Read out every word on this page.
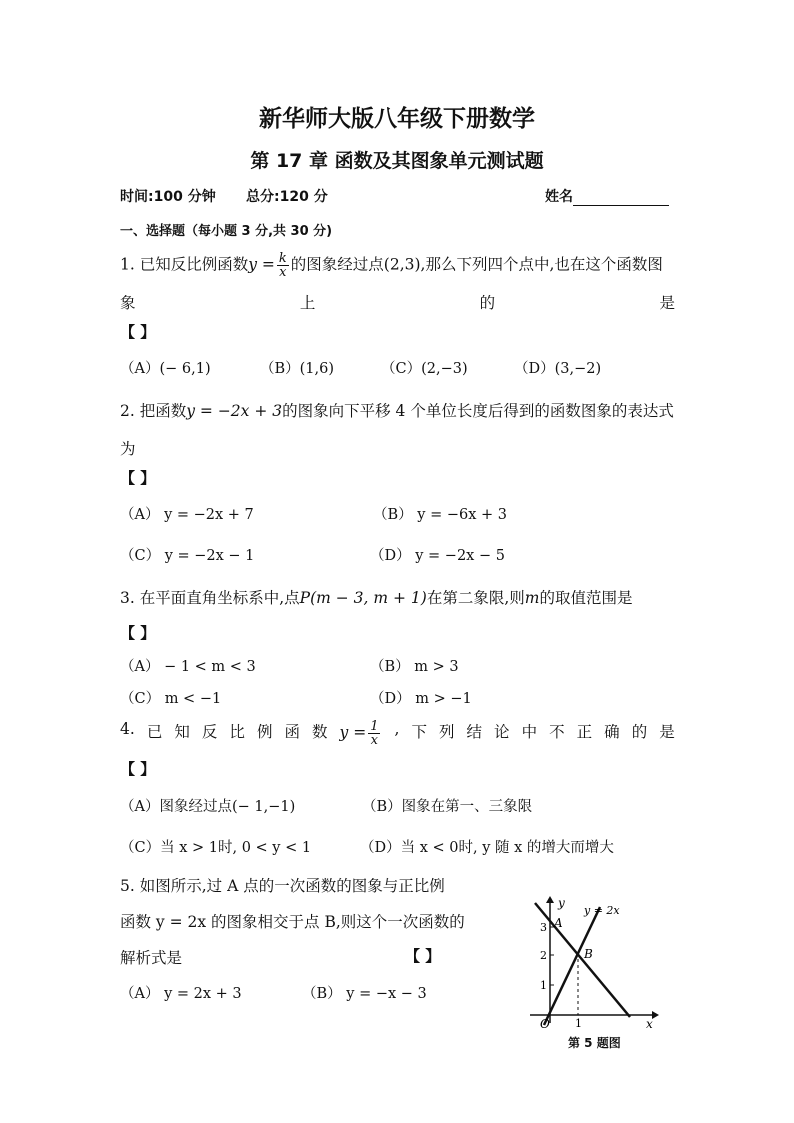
新华师大版八年级下册数学
第 17 章 函数及其图象单元测试题
时间:100 分钟 总分:120 分	姓名
一、选择题（每小题 3 分,共 30 分)
1. 已知反比例函数$y = \frac{k}{x}$ 的图象经过点(2,3),那么下列四个点中,也在这个函数图
象	上	的	是
【 】
（A）(− 6,1)	（B）(1,6)	（C）(2,−3)	（D）(3,−2)
2. 把函数y = −2x + 3的图象向下平移 4 个单位长度后得到的函数图象的表达式
为
【 】
（A） y = −2x + 7	（B） y = −6x + 3
（C） y = −2x − 1	（D） y = −2x − 5
3. 在平面直角坐标系中,点P(m − 3, m + 1)在第二象限,则m的取值范围是
【 】
（A） − 1 < m < 3	（B） m > 3
（C） m < −1	（D） m > −1
4. 已 知 反 比 例 函 数 $y = \frac{1}{x}$ , 下 列 结 论 中 不 正 确 的 是
【 】
（A）图象经过点(− 1,−1)	（B）图象在第一、三象限
（C）当 x > 1时, 0 < y < 1	（D）当 x < 0时, y 随 x 的增大而增大
5. 如图所示,过 A 点的一次函数的图象与正比例
函数 y = 2x 的图象相交于点 B,则这个一次函数的
解析式是	【 】
（A） y = 2x + 3	（B） y = −x − 3
y
x
O
y = 2x
A
B
1
2
3
1
第 5 题图
